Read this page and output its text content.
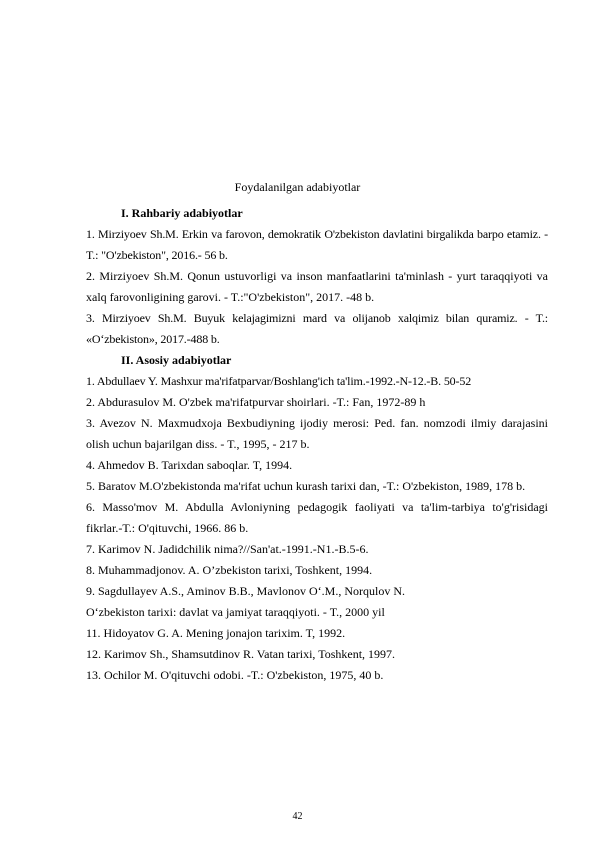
Foydalanilgan adabiyotlar
I. Rahbariy adabiyotlar
1. Mirziyoev Sh.M. Erkin va farovon, demokratik O'zbekiston davlatini birgalikda barpo etamiz. - T.: "O'zbekiston", 2016.- 56 b.
2. Mirziyoev Sh.M. Qonun ustuvorligi va inson manfaatlarini ta'minlash - yurt taraqqiyoti va xalq farovonligining garovi. - T.:"O'zbekiston", 2017. -48 b.
3. Mirziyoev Sh.M. Buyuk kelajagimizni mard va olijanob xalqimiz bilan quramiz. - T.: «O‘zbekiston», 2017.-488 b.
II. Asosiy adabiyotlar
1. Abdullaev Y. Mashxur ma'rifatparvar/Boshlang'ich ta'lim.-1992.-N-12.-B. 50-52
2. Abdurasulov M. O'zbek ma'rifatpurvar shoirlari. -T.: Fan, 1972-89 h
3. Avezov N. Maxmudxoja Bexbudiyning ijodiy merosi: Ped. fan. nomzodi ilmiy darajasini olish uchun bajarilgan diss. - T., 1995, - 217 b.
4. Ahmedov B. Tarixdan saboqlar. T, 1994.
5. Baratov M.O'zbekistonda ma'rifat uchun kurash tarixi dan, -T.: O'zbekiston, 1989, 178 b.
6. Masso'mov M. Abdulla Avloniyning pedagogik faoliyati va ta'lim-tarbiya to'g'risidagi fikrlar.-T.: O'qituvchi, 1966. 86 b.
7. Karimov N. Jadidchilik nima?//San'at.-1991.-N1.-B.5-6.
8. Muhammadjonov. A. O’zbekiston tarixi, Toshkent, 1994.
9. Sagdullayev A.S., Aminov B.B., Mavlonov O‘.M., Norqulov N.
O‘zbekiston tarixi: davlat va jamiyat taraqqiyoti. - T., 2000 yil
11. Hidoyatov G. A. Mening jonajon tarixim. T, 1992.
12. Karimov Sh., Shamsutdinov R. Vatan tarixi, Toshkent, 1997.
13. Ochilor M. O'qituvchi odobi. -T.: O'zbekiston, 1975, 40 b.
42
